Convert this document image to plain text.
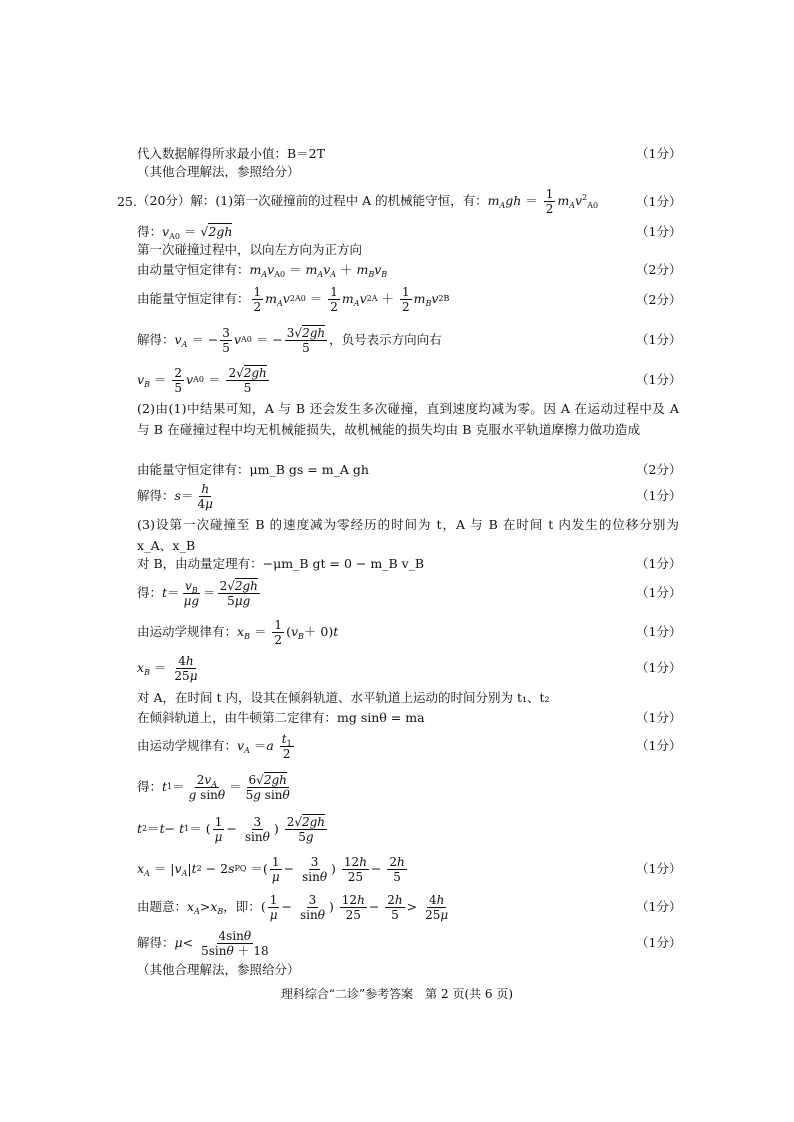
代入数据解得所求最小值：B＝2T	（1分）
（其他合理解法，参照给分）
25. （20分） 解：(1)第一次碰撞前的过程中 A 的机械能守恒，有： $m_Agh = \frac{1}{2} m_Av^2_{A0}$	（1分）
得：$v_{A0} = √2gh$	（1分）
第一次碰撞过程中，以向左方向为正方向
由动量守恒定律有：$m_Av_{A0} = m_Av_A + m_Bv_B$	（2分）
由能量守恒定律有： $\frac{1}{2} m_Av$ 2 $A0 = \frac{1}{2} m_Av$ 2 $A + \frac{1}{2} m_Bv$ 2 B	（2分）
解得： $v_A$ ＝ − $\frac{3}{5}$ v A0 ＝ − $\frac{3√2gh}{5}$ ，负号表示方向向右	（1分）
$v_B = \frac{2}{5}$ v $A0 = \frac{2√2gh}{5}$	（1分）
(2)由(1)中结果可知，A 与 B 还会发生多次碰撞，直到速度均减为零。因 A 在运动过程中及 A 与 B 在碰撞过程中均无机械能损失，故机械能的损失均由 B 克服水平轨道摩擦力做功造成
由能量守恒定律有：μm_B gs = m_A gh	（2分）
解得： $s = \frac{h}{4\mu}$	（1分）
(3)设第一次碰撞至 B 的速度减为零经历的时间为 t，A 与 B 在时间 t 内发生的位移分别为 x_A、x_B
对 B，由动量定理有：−μm_B gt = 0 − m_B v_B	（1分）
得： $t = \frac{v_B}{\mu g} = \frac{2√2gh}{5\mu g}$	（1分）
由运动学规律有： $x_B = \frac{1}{2}$ ( $v_B + 0$) t	（1分）
$x_B = \frac{4h}{25\mu}$	（1分）
对 A，在时间 t 内，设其在倾斜轨道、水平轨道上运动的时间分别为 t₁、t₂
在倾斜轨道上，由牛顿第二定律有：mg sinθ = ma	（1分）
由运动学规律有： $v_A = a$
$\frac{t_1}{2}$	（1分）
得： t $1 = \frac{2v_A}{\text{g sinθ}} = \frac{6√2gh}{\text{5g sinθ}}$
t 2 ＝ t − t 1 ＝ ( $\frac{1}{\mu} - \frac{3}{\sin\theta}$ ) $\frac{2√2gh}{5g}$
$x_A$ ＝ | $v_A$ | t 2 − 2 s PQ ＝( $\frac{1}{\mu} - \frac{3}{\sin\theta}$ ) $\frac{12h}{25} - \frac{2h}{5}$	（1分）
由题意： $x_A > x_B$ ，即： ( $\frac{1}{\mu} - \frac{3}{\sin\theta}$ ) $\frac{12h}{25} - \frac{2h}{5} > \frac{4h}{25\mu}$	（1分）
解得： $\mu < \frac{4\sin\theta}{5\sin\theta + 18}$	（1分）
（其他合理解法，参照给分）
理科综合“二诊”参考答案　第 2 页(共 6 页)
